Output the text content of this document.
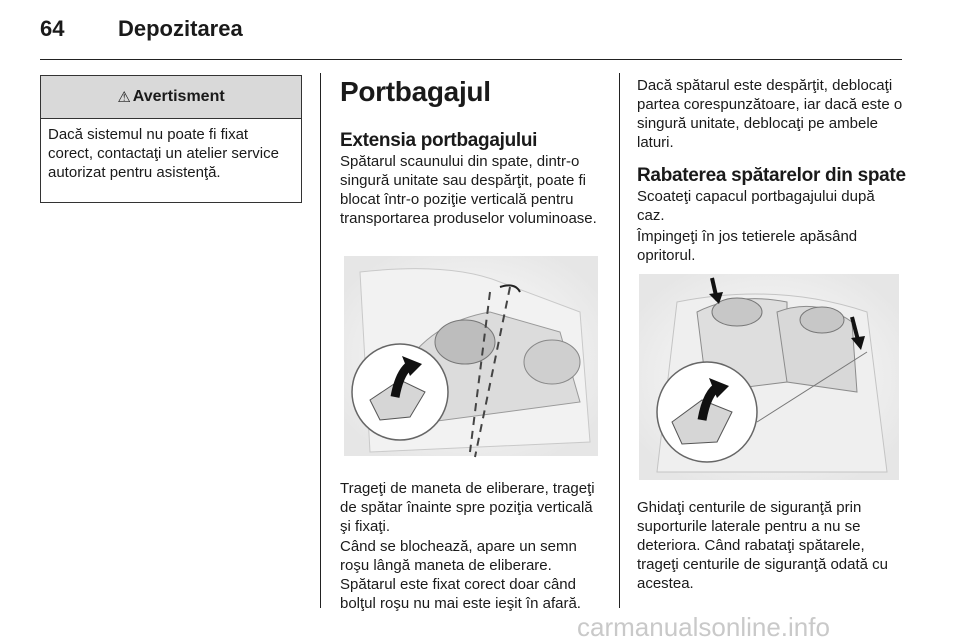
64 Depozitarea
⚠ Avertisment
Dacă sistemul nu poate fi fixat corect, contactaţi un atelier service autorizat pentru asistenţă.
Portbagajul
Extensia portbagajului
Spătarul scaunului din spate, dintr-o singură unitate sau despărţit, poate fi blocat într-o poziţie verticală pentru transportarea produselor voluminoase.
Trageţi de maneta de eliberare, trageţi de spătar înainte spre poziţia verticală şi fixaţi.
Când se blochează, apare un semn roşu lângă maneta de eliberare. Spătarul este fixat corect doar când bolţul roşu nu mai este ieşit în afară.
Dacă spătarul este despărţit, deblocaţi partea corespunzătoare, iar dacă este o singură unitate, deblocaţi pe ambele laturi.
Rabaterea spătarelor din spate
Scoateţi capacul portbagajului după caz.
Împingeţi în jos tetierele apăsând opritorul.
Ghidaţi centurile de siguranţă prin suporturile laterale pentru a nu se deteriora. Când rabataţi spătarele, trageţi centurile de siguranţă odată cu acestea.
carmanualsonline.info
